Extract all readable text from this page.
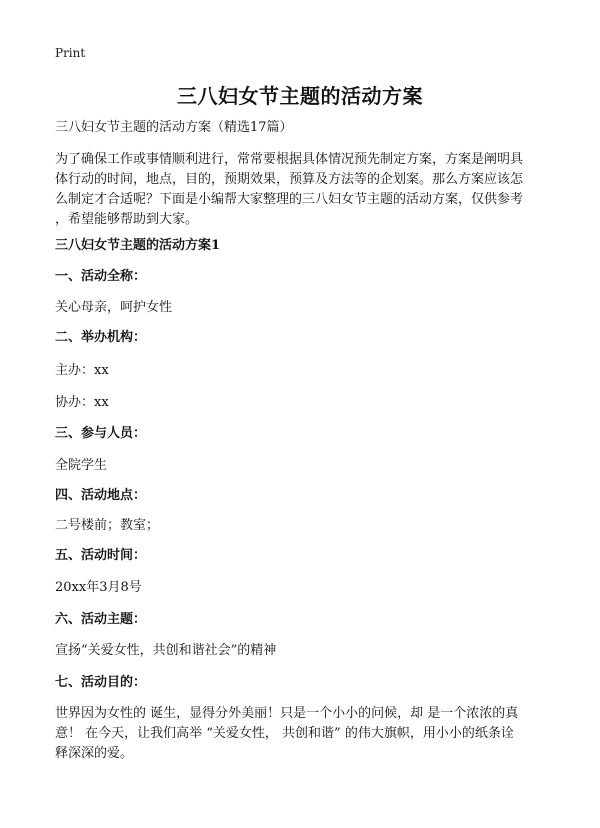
Print
三八妇女节主题的活动方案
三八妇女节主题的活动方案（精选17篇）
为了确保工作或事情顺利进行，常常要根据具体情况预先制定方案，方案是阐明具
体行动的时间，地点，目的，预期效果，预算及方法等的企划案。那么方案应该怎
么制定才合适呢？下面是小编帮大家整理的三八妇女节主题的活动方案，仅供参考
，希望能够帮助到大家。
三八妇女节主题的活动方案1
一、活动全称：
关心母亲，呵护女性
二、举办机构：
主办：xx
协办：xx
三、参与人员：
全院学生
四、活动地点：
二号楼前；教室；
五、活动时间：
20xx年3月8号
六、活动主题：
宣扬“关爱女性，共创和谐社会”的精神
七、活动目的：
世界因为女性的 诞生，显得分外美丽！只是一个小小的问候，却 是一个浓浓的真
意！ 在今天，让我们高举 “关爱女性， 共创和谐” 的伟大旗帜，用小小的纸条诠
释深深的爱。
